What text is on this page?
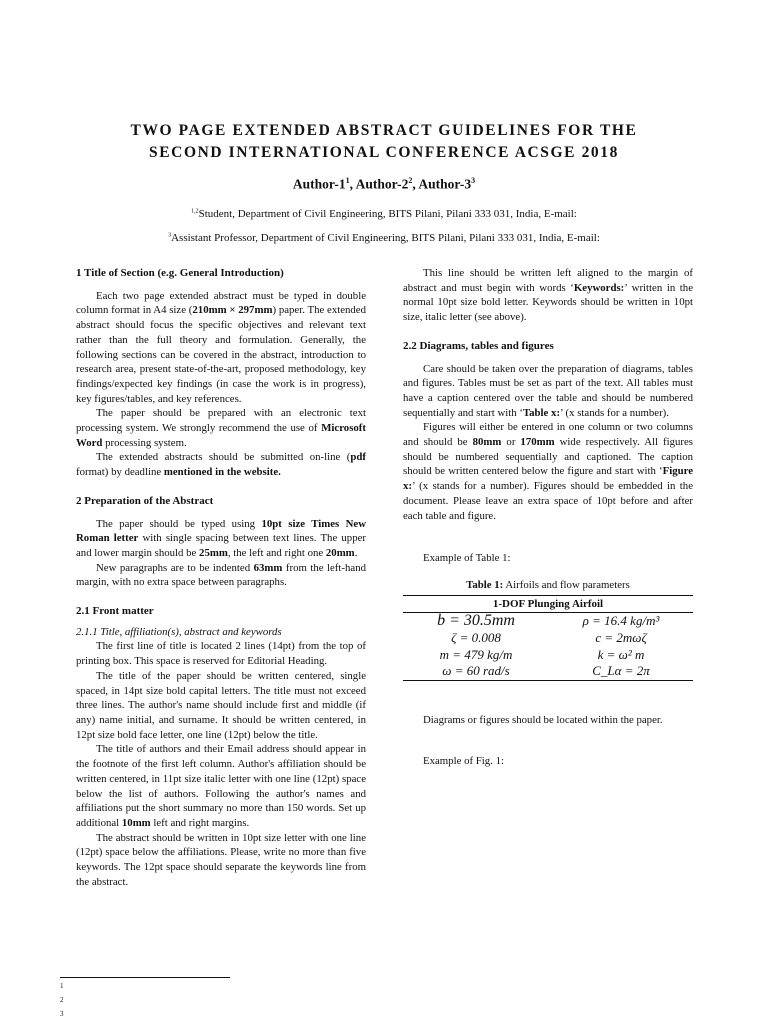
TWO PAGE EXTENDED ABSTRACT GUIDELINES FOR THE
SECOND INTERNATIONAL CONFERENCE ACSGE 2018
Author-$1^1$, Author-$2^2$, Author-$3^3$
$^{1,2}$Student, Department of Civil Engineering, BITS Pilani, Pilani 333 031, India, E-mail:
$^3$Assistant Professor, Department of Civil Engineering, BITS Pilani, Pilani 333 031, India, E-mail:
1 Title of Section (e.g. General Introduction)

Each two page extended abstract must be typed in double column format in A4 size (210mm × 297mm) paper. The extended abstract should focus the specific objectives and relevant text rather than the full theory and formulation. Generally, the following sections can be covered in the abstract, introduction to research area, present state-of-the-art, proposed methodology, key findings/expected key findings (in case the work is in progress), key figures/tables, and key references.

The paper should be prepared with an electronic text processing system. We strongly recommend the use of Microsoft Word processing system.

The extended abstracts should be submitted on-line (pdf format) by deadline mentioned in the website.

2 Preparation of the Abstract

The paper should be typed using 10pt size Times New Roman letter with single spacing between text lines. The upper and lower margin should be 25mm, the left and right one 20mm.

New paragraphs are to be indented 63mm from the left-hand margin, with no extra space between paragraphs.

2.1 Front matter

2.1.1 Title, affiliation(s), abstract and keywords

The first line of title is located 2 lines (14pt) from the top of printing box. This space is reserved for Editorial Heading.

The title of the paper should be written centered, single spaced, in 14pt size bold capital letters. The title must not exceed three lines. The author's name should include first and middle (if any) name initial, and surname. It should be written centered, in 12pt size bold face letter, one line (12pt) below the title.

The title of authors and their Email address should appear in the footnote of the first left column. Author's affiliation should be written centered, in 11pt size italic letter with one line (12pt) space below the list of authors. Following the author's names and affiliations put the short summary no more than 150 words. Set up additional 10mm left and right margins.

The abstract should be written in 10pt size letter with one line (12pt) space below the affiliations. Please, write no more than five keywords. The 12pt space should separate the keywords line from the abstract.

This line should be written left aligned to the margin of abstract and must begin with words ‘Keywords:’ written in the normal 10pt size bold letter. Keywords should be written in 10pt size, italic letter (see above).

2.2 Diagrams, tables and figures

Care should be taken over the preparation of diagrams, tables and figures. Tables must be set as part of the text. All tables must have a caption centered over the table and should be numbered sequentially and start with ‘Table x:’ (x stands for a number).

Figures will either be entered in one column or two columns and should be 80mm or 170mm wide respectively. All figures should be numbered sequentially and captioned. The caption should be written centered below the figure and start with ‘Figure x:’ (x stands for a number). Figures should be embedded in the document. Please leave an extra space of 10pt before and after each table and figure.

Example of Table 1:

Table 1: Airfoils and flow parameters
1-DOF Plunging Airfoil	
b = 30.5mm	ρ = 16.4 kg/m³
ζ = 0.008	c = 2mωζ
m = 479 kg/m	k = ω² m
ω = 60 rad/s	C_Lα = 2π

Diagrams or figures should be located within the paper.

Example of Fig. 1:

1
2
3
